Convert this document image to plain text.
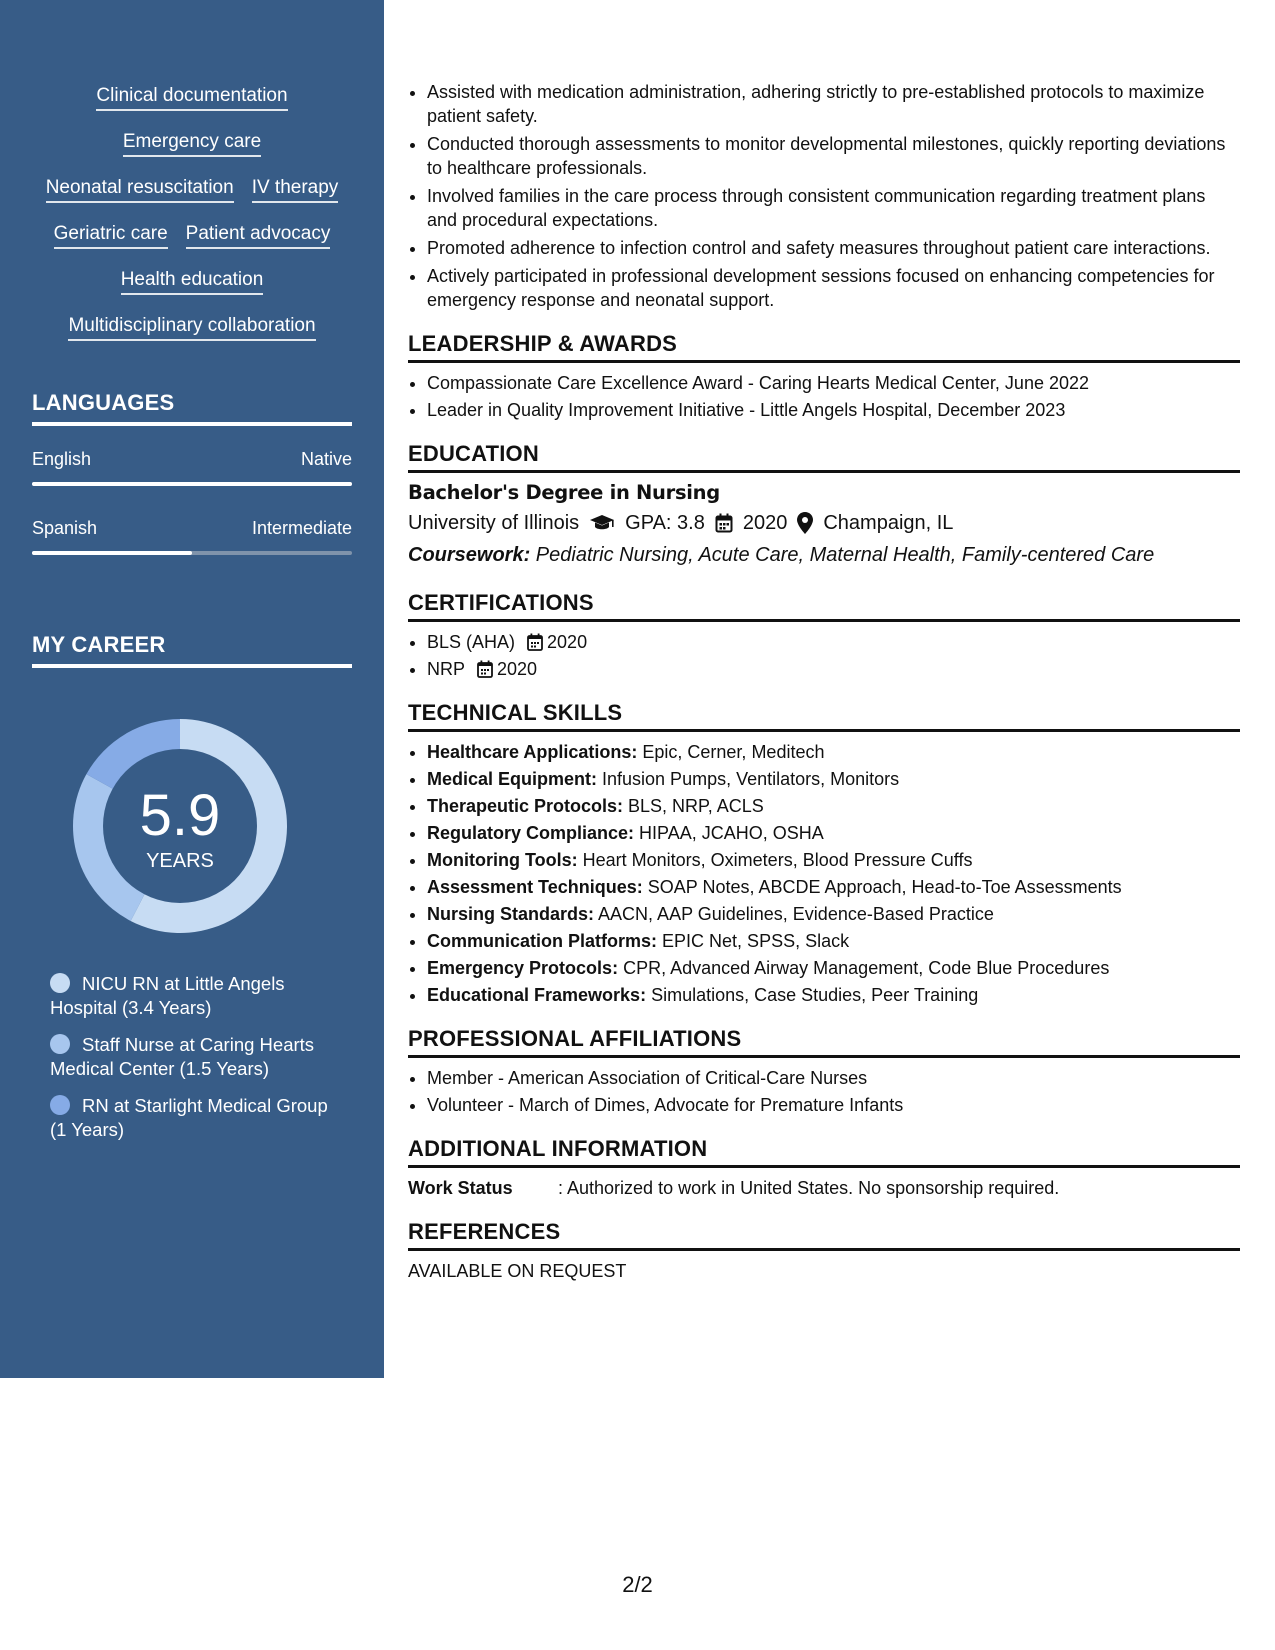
Clinical documentation
Emergency care
Neonatal resuscitation IV therapy
Geriatric care Patient advocacy
Health education
Multidisciplinary collaboration
LANGUAGES
English	Native
Spanish	Intermediate
MY CAREER
5.9
YEARS
NICU RN at Little Angels Hospital (3.4 Years)
Staff Nurse at Caring Hearts Medical Center (1.5 Years)
RN at Starlight Medical Group (1 Years)
• Assisted with medication administration, adhering strictly to pre-established protocols to maximize patient safety.
• Conducted thorough assessments to monitor developmental milestones, quickly reporting deviations to healthcare professionals.
• Involved families in the care process through consistent communication regarding treatment plans and procedural expectations.
• Promoted adherence to infection control and safety measures throughout patient care interactions.
• Actively participated in professional development sessions focused on enhancing competencies for emergency response and neonatal support.
LEADERSHIP & AWARDS
• Compassionate Care Excellence Award - Caring Hearts Medical Center, June 2022
• Leader in Quality Improvement Initiative - Little Angels Hospital, December 2023
EDUCATION
Bachelor's Degree in Nursing
University of Illinois GPA: 3.8 2020 Champaign, IL
Coursework: Pediatric Nursing, Acute Care, Maternal Health, Family-centered Care
CERTIFICATIONS
• BLS (AHA) 2020
• NRP 2020
TECHNICAL SKILLS
• Healthcare Applications: Epic, Cerner, Meditech
• Medical Equipment: Infusion Pumps, Ventilators, Monitors
• Therapeutic Protocols: BLS, NRP, ACLS
• Regulatory Compliance: HIPAA, JCAHO, OSHA
• Monitoring Tools: Heart Monitors, Oximeters, Blood Pressure Cuffs
• Assessment Techniques: SOAP Notes, ABCDE Approach, Head-to-Toe Assessments
• Nursing Standards: AACN, AAP Guidelines, Evidence-Based Practice
• Communication Platforms: EPIC Net, SPSS, Slack
• Emergency Protocols: CPR, Advanced Airway Management, Code Blue Procedures
• Educational Frameworks: Simulations, Case Studies, Peer Training
PROFESSIONAL AFFILIATIONS
• Member - American Association of Critical-Care Nurses
• Volunteer - March of Dimes, Advocate for Premature Infants
ADDITIONAL INFORMATION
Work Status	: Authorized to work in United States. No sponsorship required.
REFERENCES
AVAILABLE ON REQUEST
2/2
